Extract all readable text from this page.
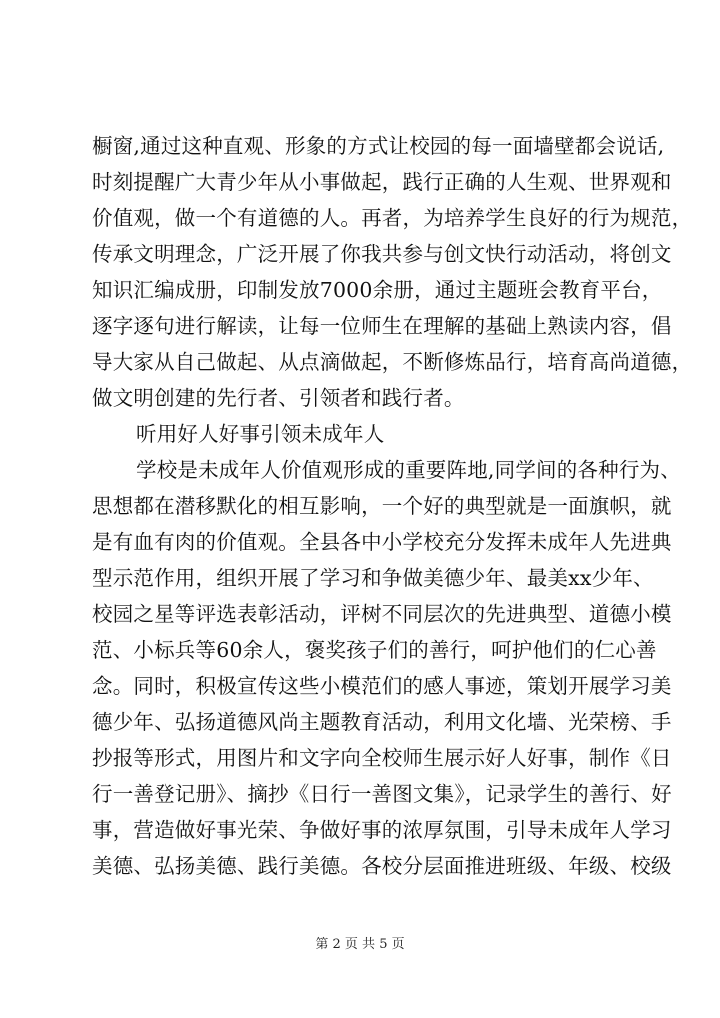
橱窗,通过这种直观、形象的方式让校园的每一面墙壁都会说话,
时刻提醒广大青少年从小事做起，践行正确的人生观、世界观和
价值观，做一个有道德的人。再者，为培养学生良好的行为规范，
传承文明理念，广泛开展了你我共参与创文快行动活动，将创文
知识汇编成册，印制发放7000余册，通过主题班会教育平台，
逐字逐句进行解读，让每一位师生在理解的基础上熟读内容，倡
导大家从自己做起、从点滴做起，不断修炼品行，培育高尚道德，
做文明创建的先行者、引领者和践行者。
听用好人好事引领未成年人
学校是未成年人价值观形成的重要阵地,同学间的各种行为、
思想都在潜移默化的相互影响，一个好的典型就是一面旗帜，就
是有血有肉的价值观。全县各中小学校充分发挥未成年人先进典
型示范作用，组织开展了学习和争做美德少年、最美xx少年、
校园之星等评选表彰活动，评树不同层次的先进典型、道德小模
范、小标兵等60余人，褒奖孩子们的善行，呵护他们的仁心善
念。同时，积极宣传这些小模范们的感人事迹，策划开展学习美
德少年、弘扬道德风尚主题教育活动，利用文化墙、光荣榜、手
抄报等形式，用图片和文字向全校师生展示好人好事，制作《日
行一善登记册》、摘抄《日行一善图文集》，记录学生的善行、好
事，营造做好事光荣、争做好事的浓厚氛围，引导未成年人学习
美德、弘扬美德、践行美德。各校分层面推进班级、年级、校级
第 2 页 共 5 页
